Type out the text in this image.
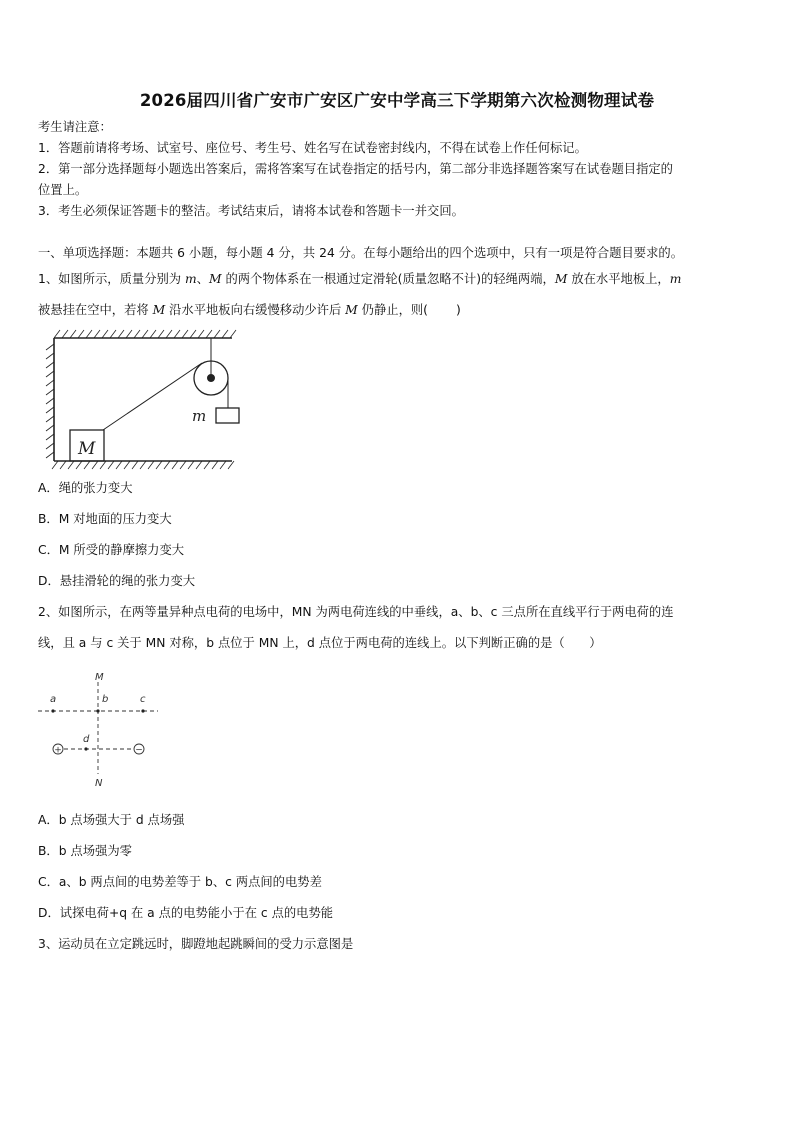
2026届四川省广安市广安区广安中学高三下学期第六次检测物理试卷
考生请注意：
1．答题前请将考场、试室号、座位号、考生号、姓名写在试卷密封线内，不得在试卷上作任何标记。
2．第一部分选择题每小题选出答案后，需将答案写在试卷指定的括号内，第二部分非选择题答案写在试卷题目指定的
位置上。
3．考生必须保证答题卡的整洁。考试结束后，请将本试卷和答题卡一并交回。
一、单项选择题：本题共 6 小题，每小题 4 分，共 24 分。在每小题给出的四个选项中，只有一项是符合题目要求的。
1、如图所示，质量分别为 m、M 的两个物体系在一根通过定滑轮(质量忽略不计)的轻绳两端，M 放在水平地板上，m
被悬挂在空中，若将 M 沿水平地板向右缓慢移动少许后 M 仍静止，则( )
m
M
A．绳的张力变大
B．M 对地面的压力变大
C．M 所受的静摩擦力变大
D．悬挂滑轮的绳的张力变大
2、如图所示，在两等量异种点电荷的电场中，MN 为两电荷连线的中垂线，a、b、c 三点所在直线平行于两电荷的连
线，且 a 与 c 关于 MN 对称，b 点位于 MN 上，d 点位于两电荷的连线上。以下判断正确的是（　　）
M
N
a	b	c
d
+	−
A．b 点场强大于 d 点场强
B．b 点场强为零
C．a、b 两点间的电势差等于 b、c 两点间的电势差
D．试探电荷+q 在 a 点的电势能小于在 c 点的电势能
3、运动员在立定跳远时，脚蹬地起跳瞬间的受力示意图是
